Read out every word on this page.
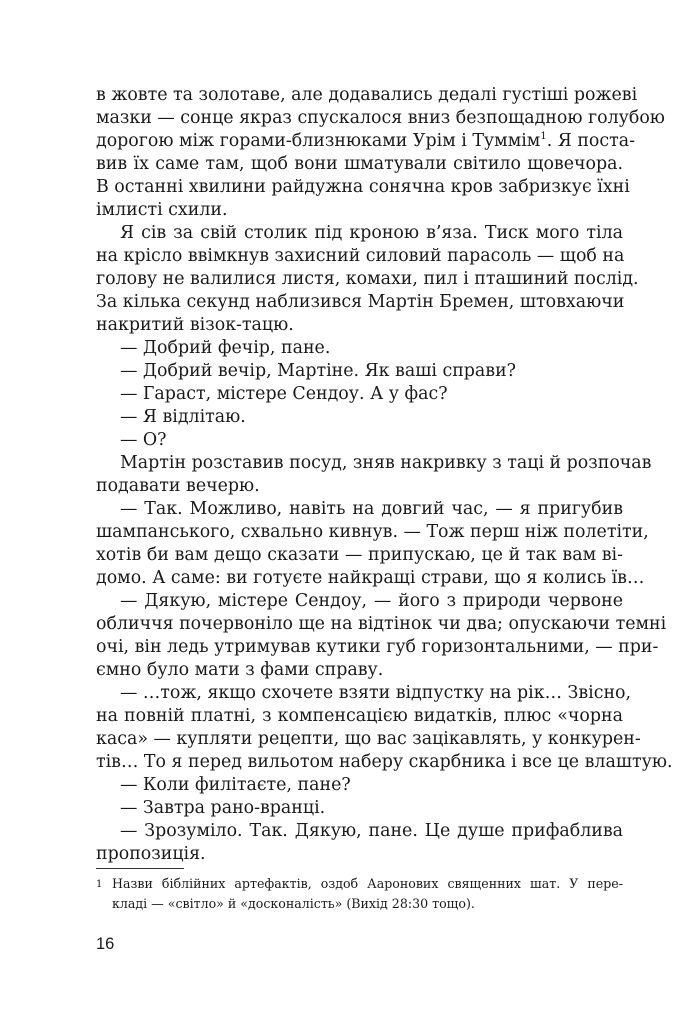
в жовте та золотаве, але додавались дедалі густіші рожеві
мазки — сонце якраз спускалося вниз безпощадною голубою
дорогою між горами-близнюками Урім і Туммім$^1$. Я постa-
вив їх саме там, щоб вони шматували світило щовечора.
В останні хвилини райдужна сонячна кров забризкує їхні
імлисті схили.
Я сів за свій столик під кроною в’яза. Тиск мого тіла
на крісло ввімкнув захисний силовий парасоль — щоб на
голову не валилися листя, комахи, пил і пташиний послід.
За кілька секунд наблизився Мартін Бремен, штовхаючи
накритий візок-тацю.
— Добрий фечір, пане.
— Добрий вечір, Мартіне. Як ваші справи?
— Гараст, містере Сендоу. А у фас?
— Я відлітаю.
— О?
Мартін розставив посуд, зняв накривку з таці й розпочав
подавати вечерю.
— Так. Можливо, навіть на довгий час, — я пригубив
шампанського, схвально кивнув. — Тож перш ніж полетіти,
хотів би вам дещо сказати — припускаю, це й так вам ві-
домо. А саме: ви готуєте найкращі страви, що я колись їв…
— Дякую, містере Сендоу, — його з природи червоне
обличчя почервоніло ще на відтінок чи два; опускаючи темні
очі, він ледь утримував кутики губ горизонтальними, — при-
ємно було мати з фами справу.
— …тож, якщо схочете взяти відпустку на рік… Звісно,
на повній платні, з компенсацією видатків, плюс «чорна
каса» — купляти рецепти, що вас зацікавлять, у конкурен-
тів… То я перед вильотом наберу скарбника і все це влаштую.
— Коли филітаєте, пане?
— Завтра рано-вранці.
— Зрозуміло. Так. Дякую, пане. Це душе прифаблива
пропозиція.
1 Назви біблійних артефактів, оздоб Ааронових священних шат. У пере-
кладі — «світло» й «досконалість» (Вихід 28:30 тощо).
16
